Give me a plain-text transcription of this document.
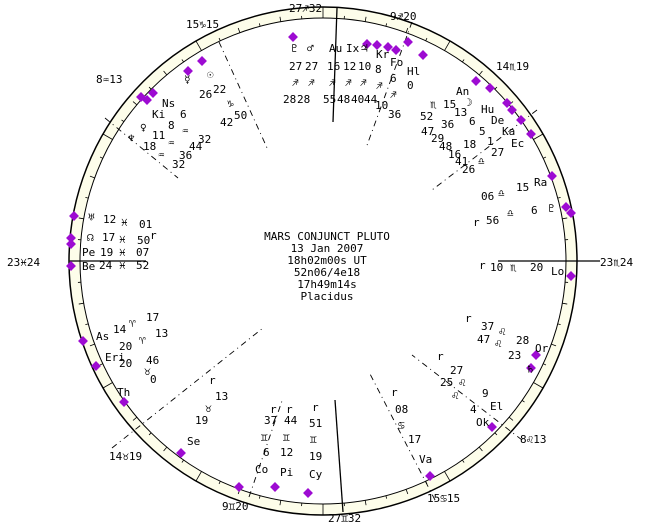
27♐︎32
9♐︎20
14♏︎19
23♏︎24
8♌︎13
15♋︎15
27♊︎32
9♊︎20
14♉︎19
23♓︎24
8♒︎13
15♑︎15
MARS CONJUNCT PLUTO
13 Jan 2007
18h02m00s UT
52n06/4e18
17h49m14s
Placidus
♇ ♂ Au Ix ♃ Kr
Fo
Hl
27 27 16 12 10 8
6
0
♐︎ ♐︎ ♐︎ ♐︎ ♐︎ ♐︎
♐︎
28 28 55 48 40 44
10
36
☉
26 22
☿
♑︎
42
50
Ns
Ki 6
8
♀	♒︎
♆ 11	32
18 ♒︎ 44
♒︎ 36
32
An
☽
Hu
De
Ka
Ec
15
13
6
5
1
27
47
29
48
16
41
26
♏︎
♎︎
52
36
18
Ra
15
06 ♎︎
♇
6
♎︎
r 56
r 10 ♏︎ 20 Lo
♅ 12 ♓︎ 01
☊ 17 ♓︎ 50 r
Pe 19 ♓︎ 07
Be 24 ♓︎ 52
As
14 ♈︎ 17
20 ♈︎
13
Eri
20 46
0
♉︎
Th
r
13
19
♉︎
Se
r r r
37 44 51
♊︎ ♊︎ ♊︎
6 12 19
Co Pi Cy
r
37
47
♌︎
28
♌︎
23
Or
♄
r
27
25 ♌︎
9
♌︎
4 El
Ok
r
08
♋︎
17
Va
